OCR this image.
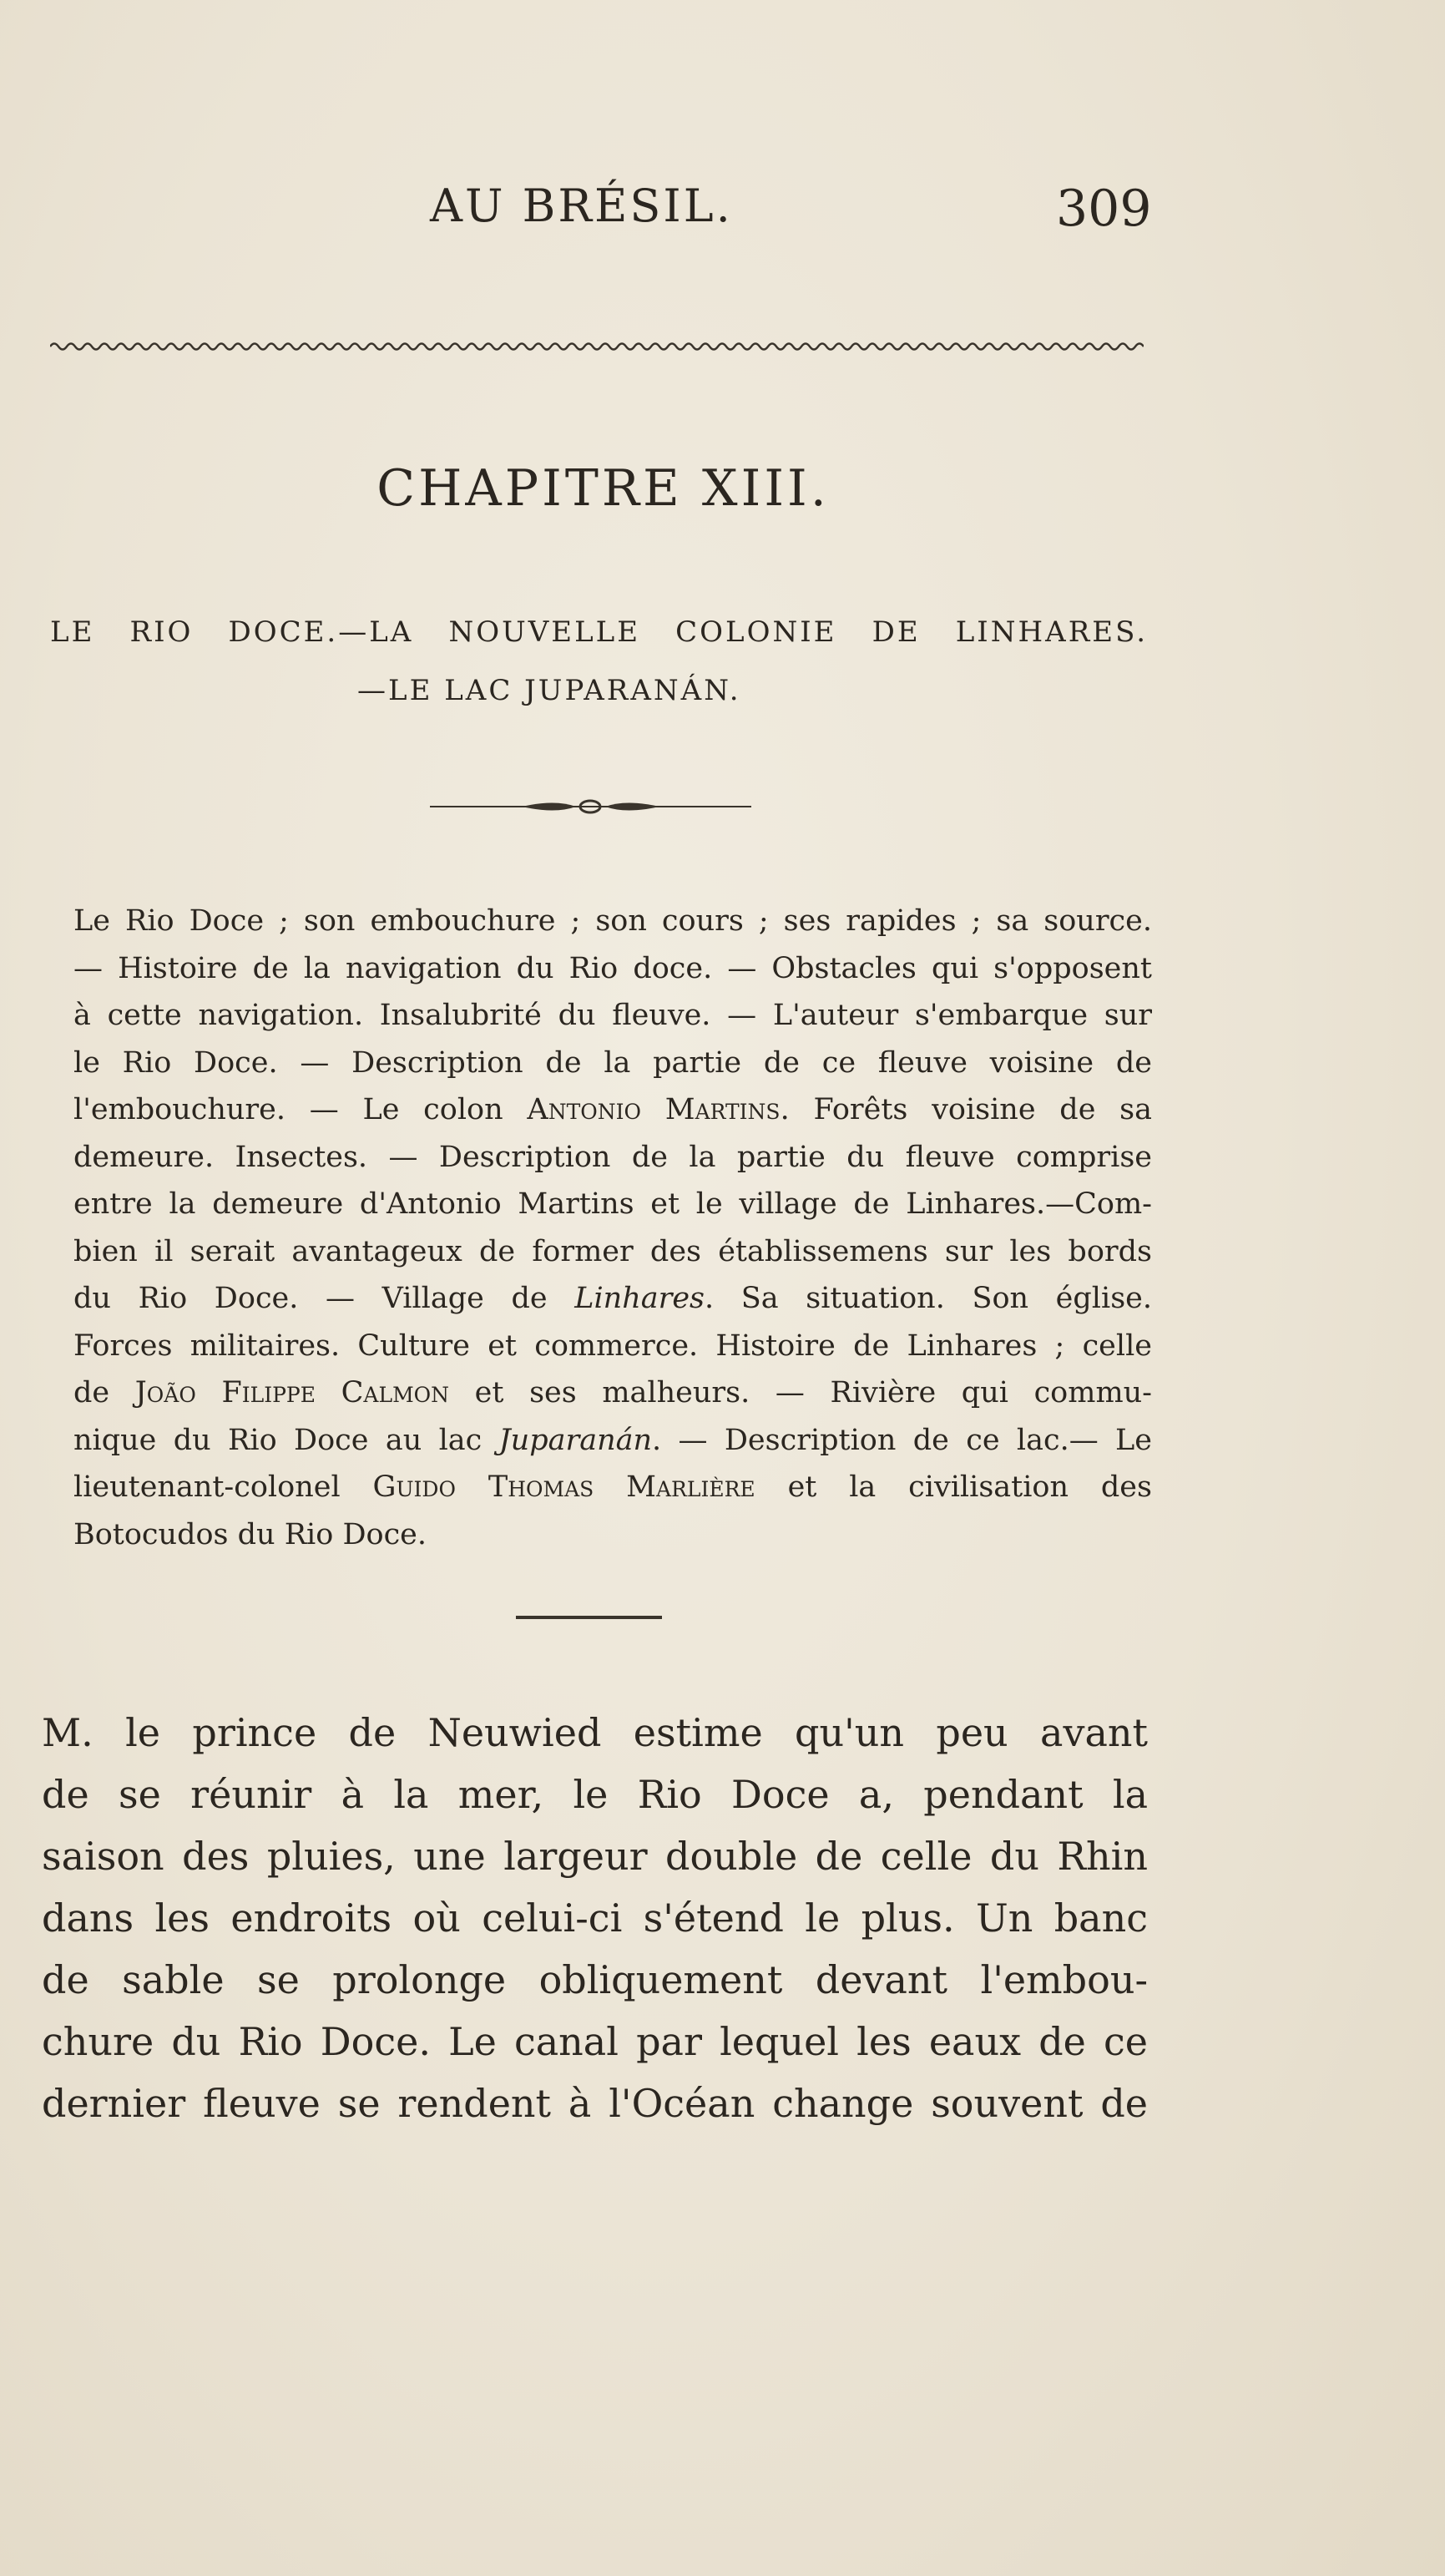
AU BRÉSIL.	309
CHAPITRE XIII.
LE RIO DOCE.—LA NOUVELLE COLONIE DE LINHARES.
—LE LAC JUPARANÁN.
Le Rio Doce ; son embouchure ; son cours ; ses rapides ; sa source.
— Histoire de la navigation du Rio doce. — Obstacles qui s'opposent
à cette navigation. Insalubrité du fleuve. — L'auteur s'embarque sur
le Rio Doce. — Description de la partie de ce fleuve voisine de
l'embouchure. — Le colon Antonio Martins. Forêts voisine de sa
demeure. Insectes. — Description de la partie du fleuve comprise
entre la demeure d'Antonio Martins et le village de Linhares.—Com-
bien il serait avantageux de former des établissemens sur les bords
du Rio Doce. — Village de Linhares. Sa situation. Son église.
Forces militaires. Culture et commerce. Histoire de Linhares ; celle
de João Filippe Calmon et ses malheurs. — Rivière qui commu-
nique du Rio Doce au lac Juparanán. — Description de ce lac.— Le
lieutenant-colonel Guido Thomas Marlière et la civilisation des
Botocudos du Rio Doce.
M. le prince de Neuwied estime qu'un peu avant
de se réunir à la mer, le Rio Doce a, pendant la
saison des pluies, une largeur double de celle du Rhin
dans les endroits où celui-ci s'étend le plus. Un banc
de sable se prolonge obliquement devant l'embou-
chure du Rio Doce. Le canal par lequel les eaux de ce
dernier fleuve se rendent à l'Océan change souvent de
